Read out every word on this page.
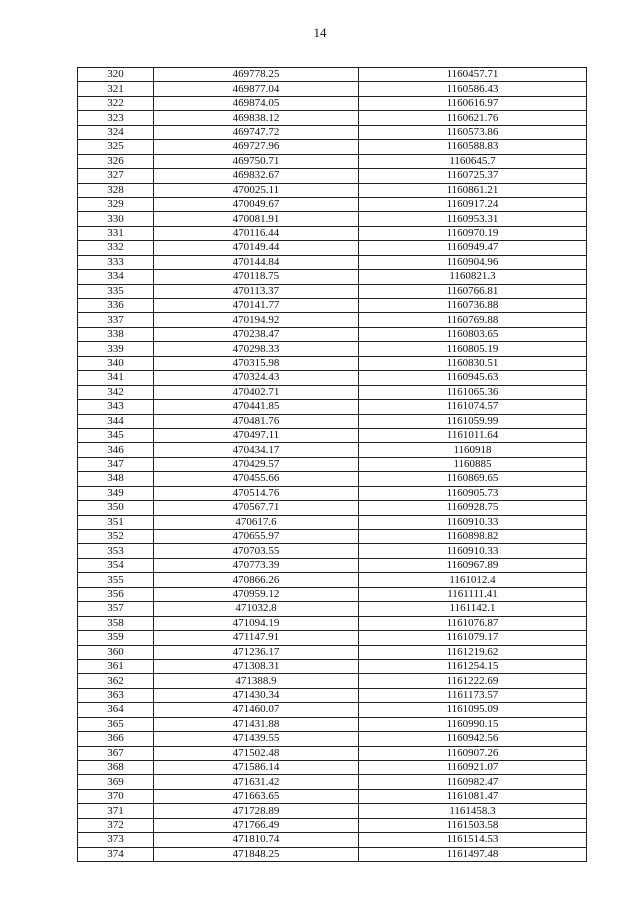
14
320	469778.25	1160457.71
321	469877.04	1160586.43
322	469874.05	1160616.97
323	469838.12	1160621.76
324	469747.72	1160573.86
325	469727.96	1160588.83
326	469750.71	1160645.7
327	469832.67	1160725.37
328	470025.11	1160861.21
329	470049.67	1160917.24
330	470081.91	1160953.31
331	470116.44	1160970.19
332	470149.44	1160949.47
333	470144.84	1160904.96
334	470118.75	1160821.3
335	470113.37	1160766.81
336	470141.77	1160736.88
337	470194.92	1160769.88
338	470238.47	1160803.65
339	470298.33	1160805.19
340	470315.98	1160830.51
341	470324.43	1160945.63
342	470402.71	1161065.36
343	470441.85	1161074.57
344	470481.76	1161059.99
345	470497.11	1161011.64
346	470434.17	1160918
347	470429.57	1160885
348	470455.66	1160869.65
349	470514.76	1160905.73
350	470567.71	1160928.75
351	470617.6	1160910.33
352	470655.97	1160898.82
353	470703.55	1160910.33
354	470773.39	1160967.89
355	470866.26	1161012.4
356	470959.12	1161111.41
357	471032.8	1161142.1
358	471094.19	1161076.87
359	471147.91	1161079.17
360	471236.17	1161219.62
361	471308.31	1161254.15
362	471388.9	1161222.69
363	471430.34	1161173.57
364	471460.07	1161095.09
365	471431.88	1160990.15
366	471439.55	1160942.56
367	471502.48	1160907.26
368	471586.14	1160921.07
369	471631.42	1160982.47
370	471663.65	1161081.47
371	471728.89	1161458.3
372	471766.49	1161503.58
373	471810.74	1161514.53
374	471848.25	1161497.48
